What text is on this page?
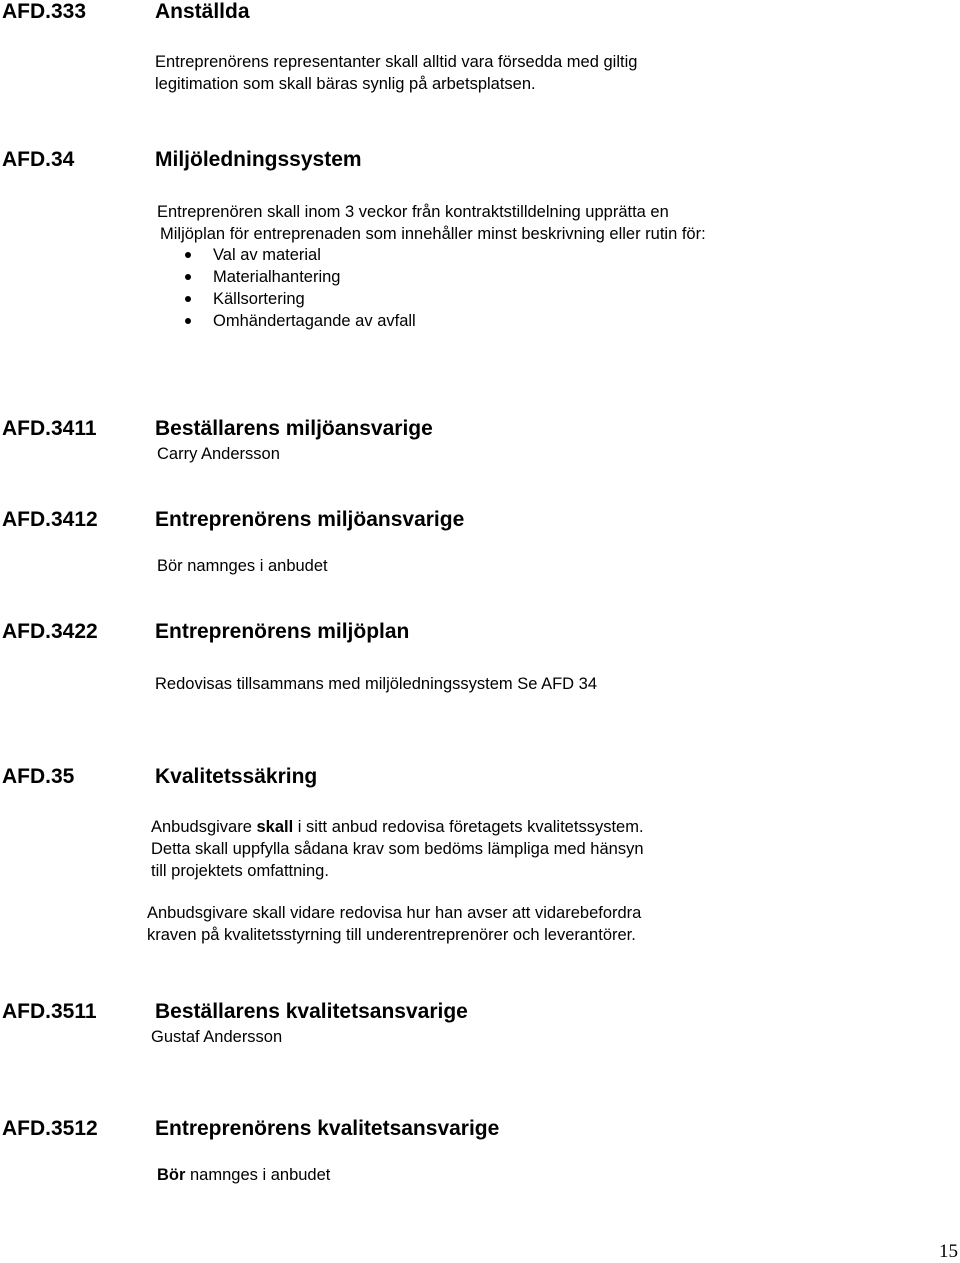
AFD.333	Anställda
Entreprenörens representanter skall alltid vara försedda med giltig
legitimation som skall bäras synlig på arbetsplatsen.
AFD.34	Miljöledningssystem
Entreprenören skall inom 3 veckor från kontraktstilldelning upprätta en
Miljöplan för entreprenaden som innehåller minst beskrivning eller rutin för:
Val av material
Materialhantering
Källsortering
Omhändertagande av avfall
AFD.3411	Beställarens miljöansvarige
Carry Andersson
AFD.3412	Entreprenörens miljöansvarige
Bör namnges i anbudet
AFD.3422	Entreprenörens miljöplan
Redovisas tillsammans med miljöledningssystem Se AFD 34
AFD.35	Kvalitetssäkring
Anbudsgivare skall i sitt anbud redovisa företagets kvalitetssystem.
Detta skall uppfylla sådana krav som bedöms lämpliga med hänsyn
till projektets omfattning.
Anbudsgivare skall vidare redovisa hur han avser att vidarebefordra
kraven på kvalitetsstyrning till underentreprenörer och leverantörer.
AFD.3511	Beställarens kvalitetsansvarige
Gustaf Andersson
AFD.3512	Entreprenörens kvalitetsansvarige
Bör namnges i anbudet
15
